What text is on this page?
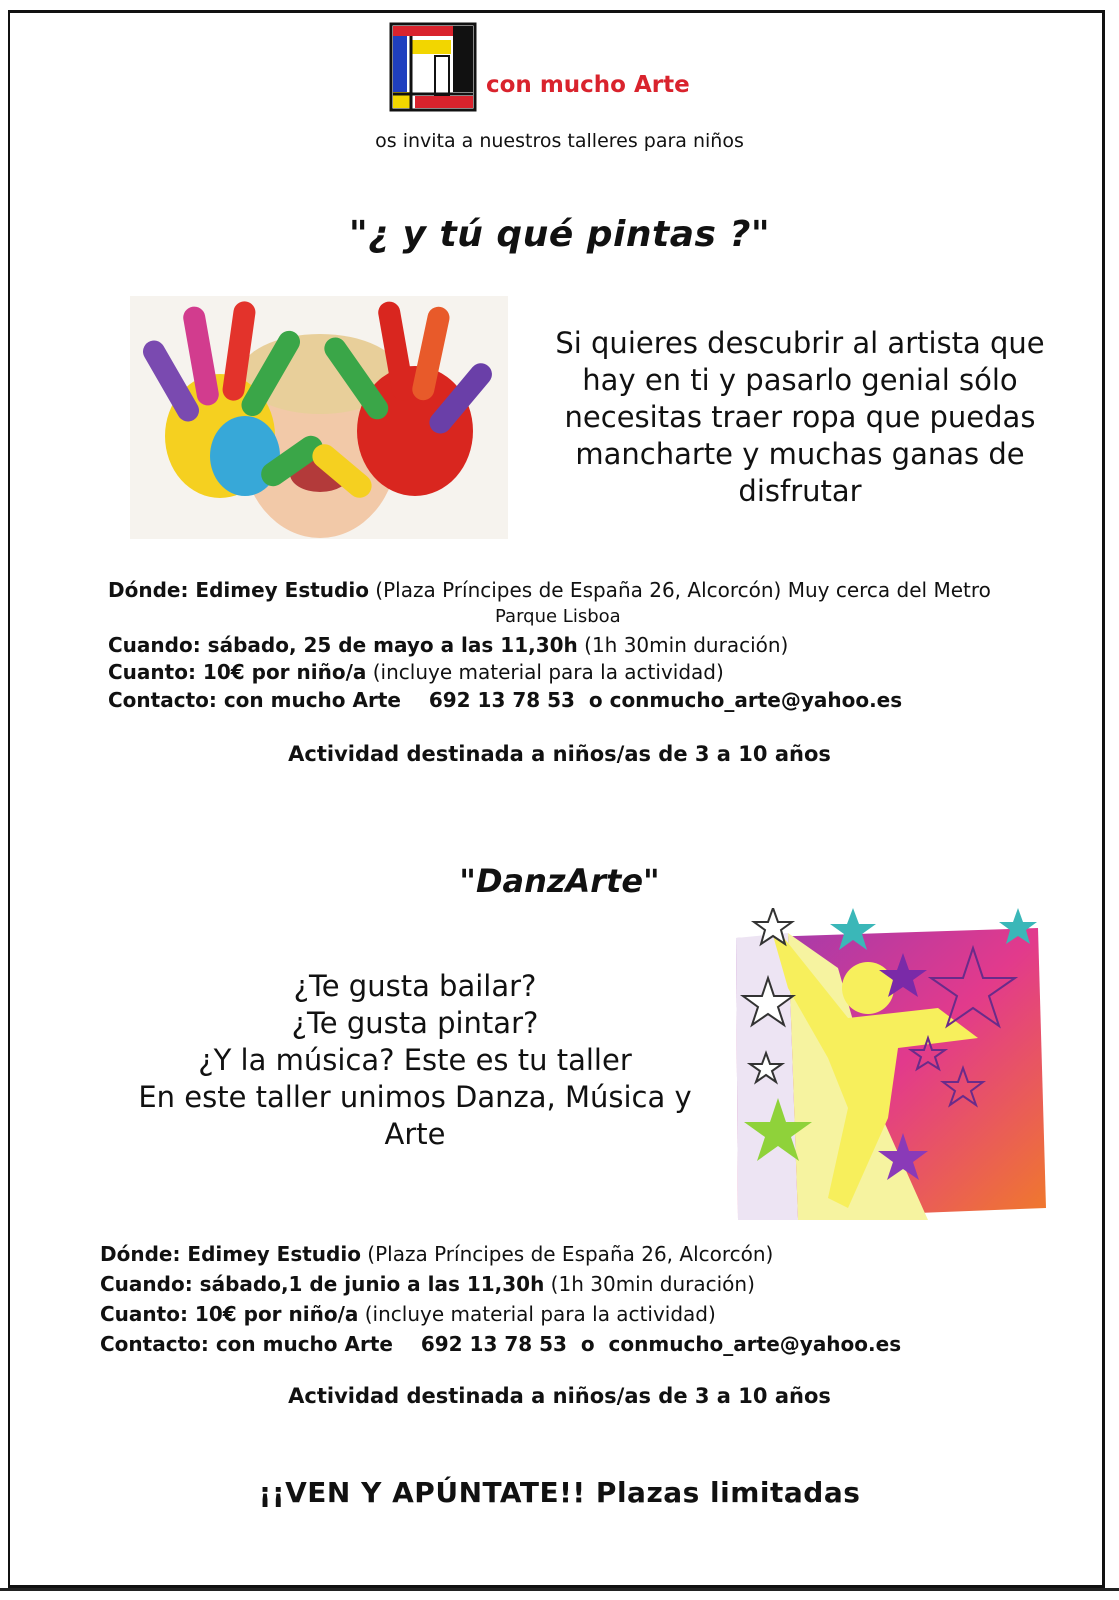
con mucho Arte
os invita a nuestros talleres para niños
"¿ y tú qué pintas ?"
Si quieres descubrir al artista que hay en ti y pasarlo genial sólo necesitas traer ropa que puedas mancharte y muchas ganas de disfrutar
Dónde: Edimey Estudio (Plaza Príncipes de España 26, Alcorcón) Muy cerca del Metro
Parque Lisboa
Cuando: sábado, 25 de mayo a las 11,30h (1h 30min duración)
Cuanto: 10€ por niño/a (incluye material para la actividad)
Contacto: con mucho Arte    692 13 78 53  o conmucho_arte@yahoo.es
Actividad destinada a niños/as de 3 a 10 años
"DanzArte"
¿Te gusta bailar?
¿Te gusta pintar?
¿Y la música? Este es tu taller
En este taller unimos Danza, Música y
Arte
Dónde: Edimey Estudio (Plaza Príncipes de España 26, Alcorcón)
Cuando: sábado,1 de junio a las 11,30h (1h 30min duración)
Cuanto: 10€ por niño/a (incluye material para la actividad)
Contacto: con mucho Arte    692 13 78 53  o  conmucho_arte@yahoo.es
Actividad destinada a niños/as de 3 a 10 años
¡¡VEN Y APÚNTATE!! Plazas limitadas
